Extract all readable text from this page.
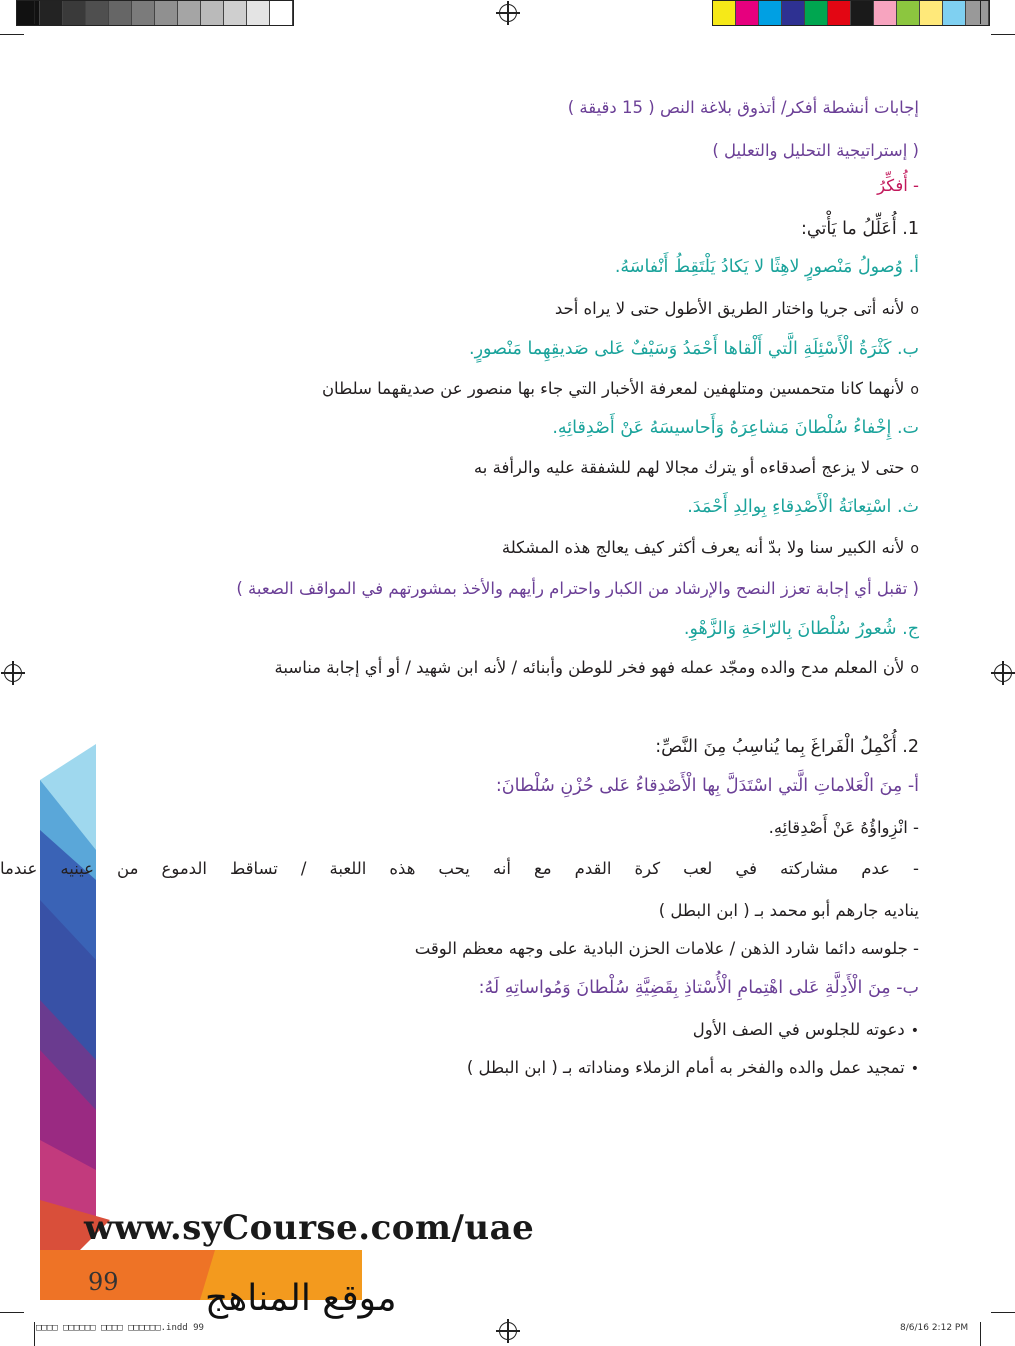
إجابات أنشطة أفكر/ أتذوق بلاغة النص ( 15 دقيقة )
( إستراتيجية التحليل والتعليل )
- أُفكِّرُ
1. أُعَلِّلُ ما يَأْتي:
أ. وُصولُ مَنْصورٍ لاهِثًا لا يَكادُ يَلْتَقِطُ أَنْفاسَهُ.
oلأنه أتى جريا واختار الطريق الأطول حتى لا يراه أحد
ب. كَثْرَةُ الْأَسْئِلَةِ الَّتي أَلْقاها أَحْمَدُ وَسَيْفٌ عَلى صَديقِهِما مَنْصورٍ.
oلأنهما كانا متحمسين ومتلهفين لمعرفة الأخبار التي جاء بها منصور عن صديقهما سلطان
ت. إِخْفاءُ سُلْطانَ مَشاعِرَهُ وَأَحاسيسَهُ عَنْ أَصْدِقائِهِ.
oحتى لا يزعج أصدقاءه أو يترك مجالا لهم للشفقة عليه والرأفة به
ث. اسْتِعانَةُ الْأَصْدِقاءِ بِوالِدِ أَحْمَدَ.
oلأنه الكبير سنا ولا بدّ أنه يعرف أكثر كيف يعالج هذه المشكلة
( تقبل أي إجابة تعزز النصح والإرشاد من الكبار واحترام رأيهم والأخذ بمشورتهم في المواقف الصعبة )
ج. شُعورُ سُلْطانَ بِالرّاحَةِ وَالزَّهْوِ.
oلأن المعلم مدح والده ومجّد عمله فهو فخر للوطن وأبنائه / لأنه ابن شهيد / أو أي إجابة مناسبة
2. أُكْمِلُ الْفَراغَ بِما يُناسِبُ مِنَ النَّصِّ:
أ- مِنَ الْعَلاماتِ الَّتي اسْتَدَلَّ بِها الْأَصْدِقاءُ عَلى حُزْنِ سُلْطانَ:
- انْزِواؤُهُ عَنْ أَصْدِقائِهِ.
- عدم مشاركته في لعب كرة القدم مع أنه يحب هذه اللعبة / تساقط الدموع من عينيه عندما
يناديه جارهم أبو محمد بـ ( ابن البطل )
- جلوسه دائما شارد الذهن / علامات الحزن البادية على وجهه معظم الوقت
ب- مِنَ الْأَدِلَّةِ عَلى اهْتِمامِ الْأُسْتاذِ بِقَضِيَّةِ سُلْطانَ وَمُواساتِهِ لَهُ:
•دعوته للجلوس في الصف الأول
•تمجيد عمل والده والفخر به أمام الزملاء ومناداته بـ ( ابن البطل )
www.syCourse.com/uae
99 موقع المناهج
□□□□ □□□□□□ □□□□ □□□□□□.indd 99	8/6/16 2:12 PM
